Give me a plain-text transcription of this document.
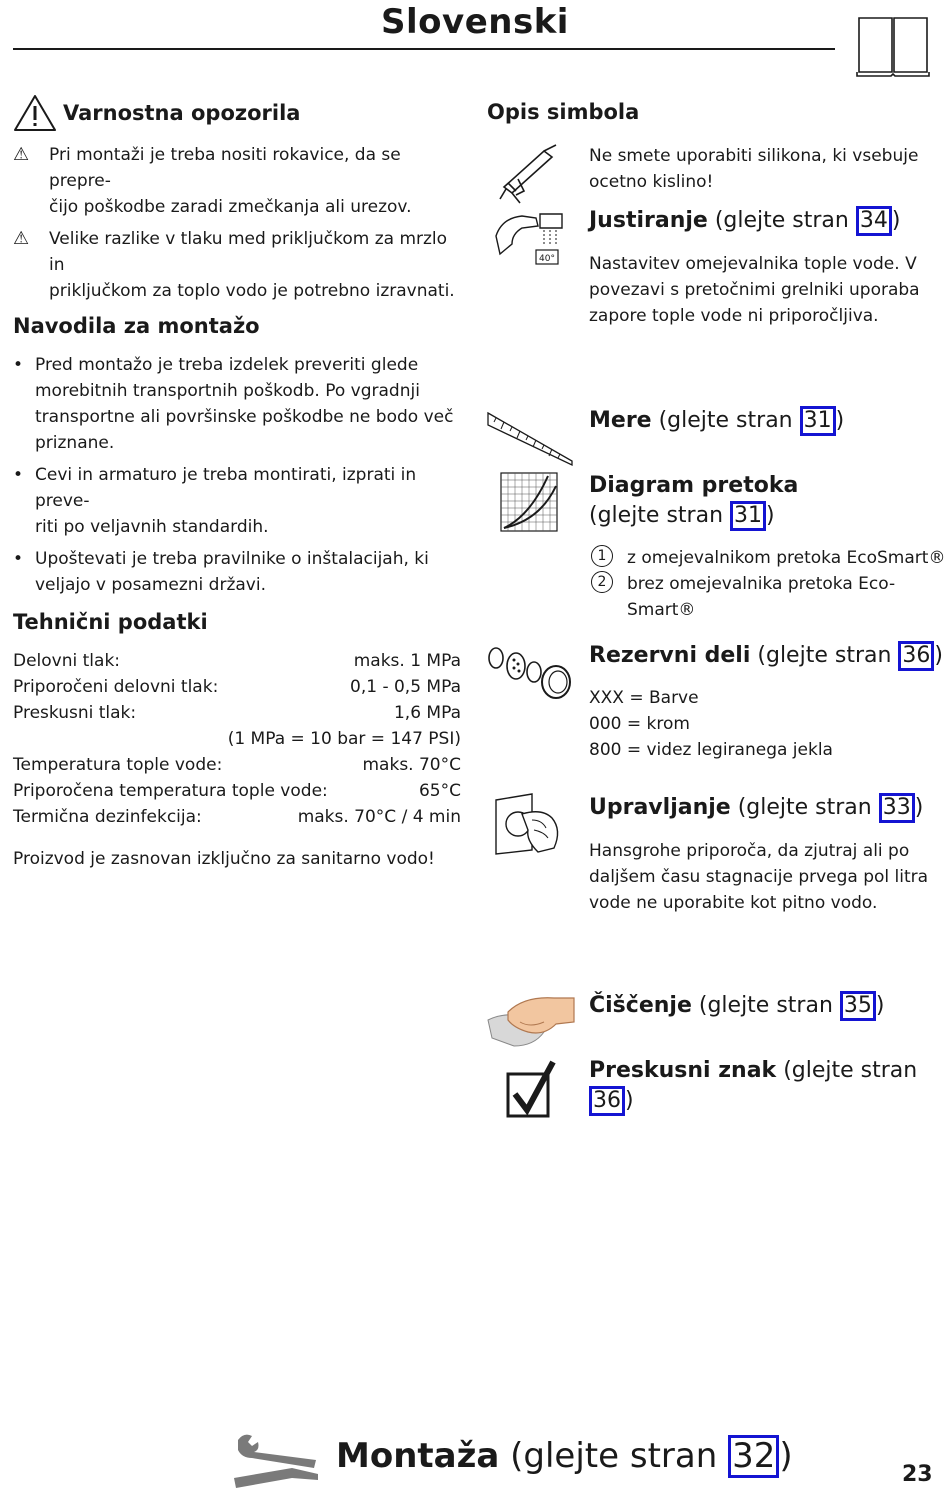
Slovenski
Varnostna opozorila
⚠	Pri montaži je treba nositi rokavice, da se prepre-
čijo poškodbe zaradi zmečkanja ali urezov.
⚠	Velike razlike v tlaku med priključkom za mrzlo in
priključkom za toplo vodo je potrebno izravnati.
Navodila za montažo
• Pred montažo je treba izdelek preveriti glede
morebitnih transportnih poškodb. Po vgradnji
transportne ali površinske poškodbe ne bodo več
priznane.
• Cevi in armaturo je treba montirati, izprati in preve-
riti po veljavnih standardih.
• Upoštevati je treba pravilnike o inštalacijah, ki
veljajo v posamezni državi.
Tehnični podatki
Delovni tlak:	maks. 1 MPa
Priporočeni delovni tlak:	0,1 - 0,5 MPa
Preskusni tlak:	1,6 MPa
(1 MPa = 10 bar = 147 PSI)
Temperatura tople vode:	maks. 70°C
Priporočena temperatura tople vode:	65°C
Termična dezinfekcija:	maks. 70°C / 4 min
Proizvod je zasnovan izključno za sanitarno vodo!
Opis simbola
Ne smete uporabiti silikona, ki vsebuje
ocetno kislino!
40°
Justiranje (glejte stran 34 )
Nastavitev omejevalnika tople vode. V
povezavi s pretočnimi grelniki uporaba
zapore tople vode ni priporočljiva.
Mere (glejte stran 31 )
Diagram pretoka
(glejte stran 31 )
1	z omejevalnikom pretoka EcoSmart®
2	brez omejevalnika pretoka Eco-
Smart®
Rezervni deli (glejte stran 36 )
XXX = Barve
000 = krom
800 = videz legiranega jekla
Upravljanje (glejte stran 33 )
Hansgrohe priporoča, da zjutraj ali po
daljšem času stagnacije prvega pol litra
vode ne uporabite kot pitno vodo.
Čiščenje (glejte stran 35 )
Preskusni znak (glejte stran 36 )
Montaža (glejte stran 32 )	23
